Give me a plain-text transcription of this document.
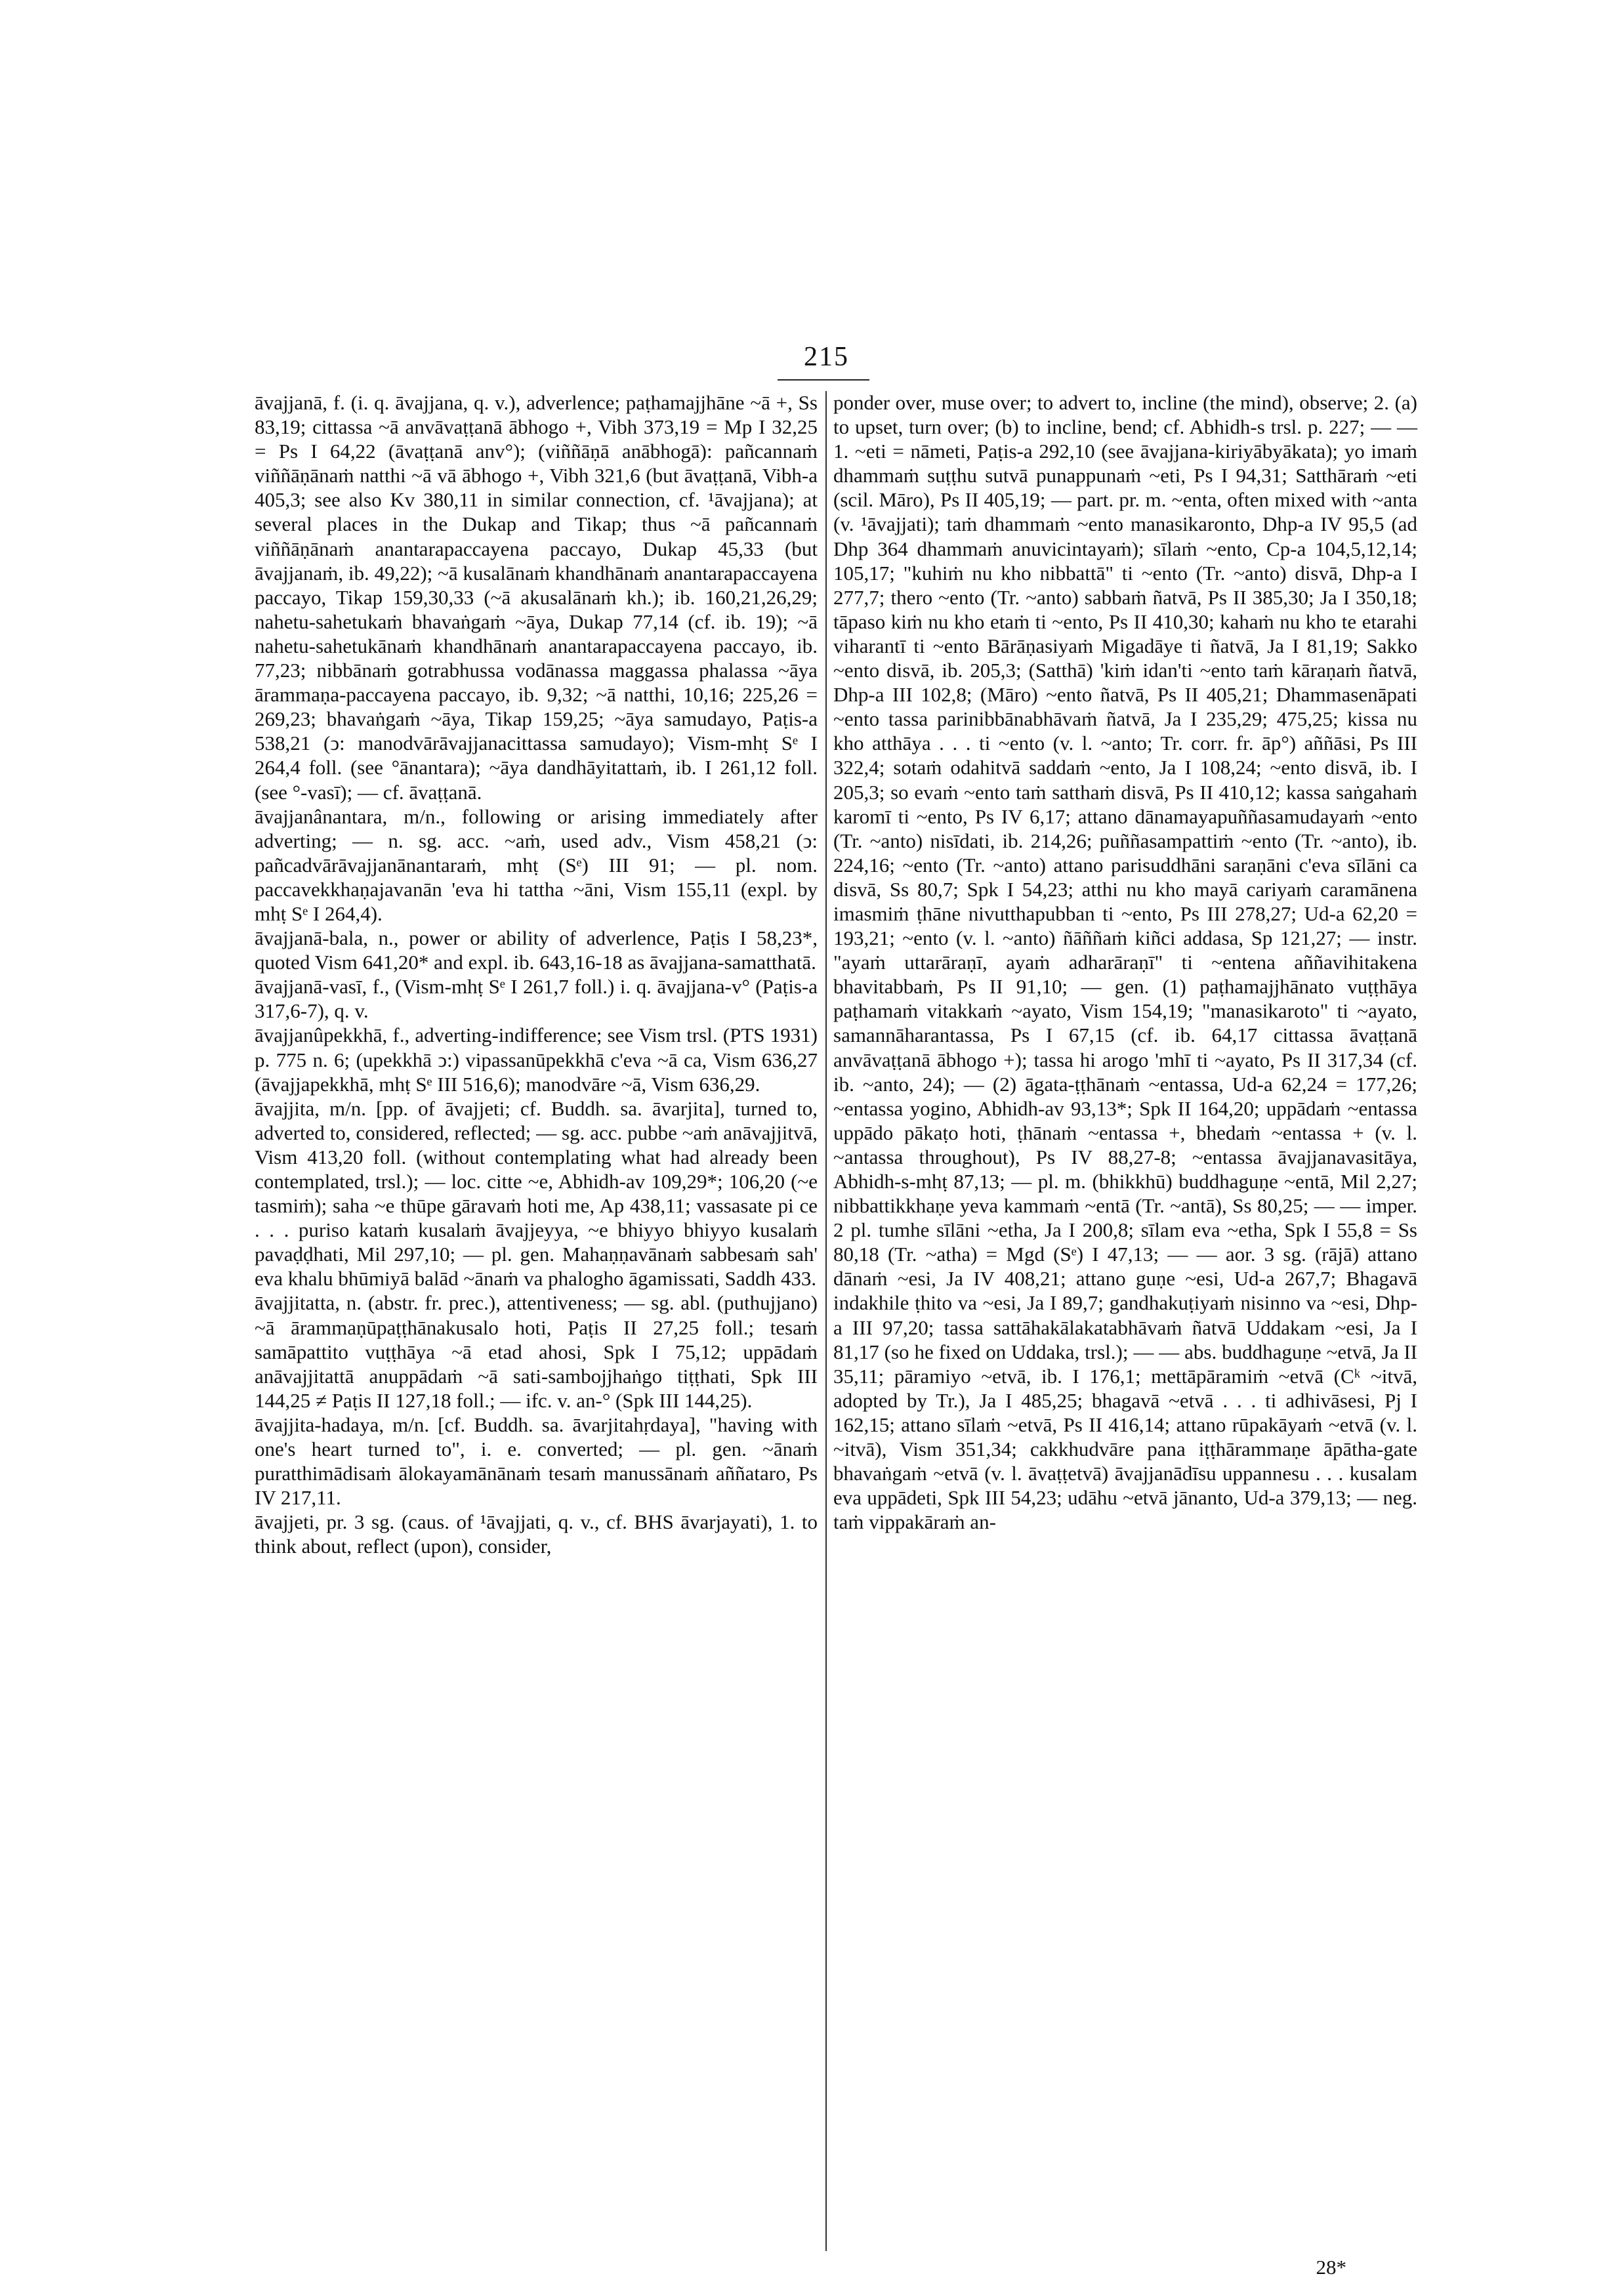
215

āvajjanā, f. (i. q. āvajjana, q. v.), adverlence; paṭhamajjhāne ~ā +, Ss 83,19; cittassa ~ā anvāvaṭṭanā ābhogo +, Vibh 373,19 = Mp I 32,25 = Ps I 64,22 (āvaṭṭanā anv°); (viññāṇā anābhogā): pañcannaṁ viññāṇānaṁ natthi ~ā vā ābhogo +, Vibh 321,6 (but āvaṭṭanā, Vibh-a 405,3; see also Kv 380,11 in similar connection, cf. ¹āvajjana); at several places in the Dukap and Tikap; thus ~ā pañcannaṁ viññāṇānaṁ anantarapaccayena paccayo, Dukap 45,33 (but āvajjanaṁ, ib. 49,22); ~ā kusalānaṁ khandhānaṁ anantarapaccayena paccayo, Tikap 159,30,33 (~ā akusalānaṁ kh.); ib. 160,21,26,29; nahetu-sahetukaṁ bhavaṅgaṁ ~āya, Dukap 77,14 (cf. ib. 19); ~ā nahetu-sahetukānaṁ khandhānaṁ anantarapaccayena paccayo, ib. 77,23; nibbānaṁ gotrabhussa vodānassa maggassa phalassa ~āya ārammaṇa-paccayena paccayo, ib. 9,32; ~ā natthi, 10,16; 225,26 = 269,23; bhavaṅgaṁ ~āya, Tikap 159,25; ~āya samudayo, Paṭis-a 538,21 (ↄ: manodvārāvajjanacittassa samudayo); Vism-mhṭ Sᵉ I 264,4 foll. (see °ānantara); ~āya dandhāyitattaṁ, ib. I 261,12 foll. (see °-vasī); — cf. āvaṭṭanā.

āvajjanânantara, m/n., following or arising immediately after adverting; — n. sg. acc. ~aṁ, used adv., Vism 458,21 (ↄ: pañcadvārāvajjanānantaraṁ, mhṭ (Sᵉ) III 91; — pl. nom. paccavekkhaṇajavanān 'eva hi tattha ~āni, Vism 155,11 (expl. by mhṭ Sᵉ I 264,4).

āvajjanā-bala, n., power or ability of adverlence, Paṭis I 58,23*, quoted Vism 641,20* and expl. ib. 643,16-18 as āvajjana-samatthatā.

āvajjanā-vasī, f., (Vism-mhṭ Sᵉ I 261,7 foll.) i. q. āvajjana-v° (Paṭis-a 317,6-7), q. v.

āvajjanûpekkhā, f., adverting-indifference; see Vism trsl. (PTS 1931) p. 775 n. 6; (upekkhā ↄ:) vipassanūpekkhā c'eva ~ā ca, Vism 636,27 (āvajjapekkhā, mhṭ Sᵉ III 516,6); manodvāre ~ā, Vism 636,29.

āvajjita, m/n. [pp. of āvajjeti; cf. Buddh. sa. āvarjita], turned to, adverted to, considered, reflected; — sg. acc. pubbe ~aṁ anāvajjitvā, Vism 413,20 foll. (without contemplating what had already been contemplated, trsl.); — loc. citte ~e, Abhidh-av 109,29*; 106,20 (~e tasmiṁ); saha ~e thūpe gāravaṁ hoti me, Ap 438,11; vassasate pi ce . . . puriso kataṁ kusalaṁ āvajjeyya, ~e bhiyyo bhiyyo kusalaṁ pavaḍḍhati, Mil 297,10; — pl. gen. Mahaṇṇavānaṁ sabbesaṁ sah' eva khalu bhūmiyā balād ~ānaṁ va phalogho āgamissati, Saddh 433.

āvajjitatta, n. (abstr. fr. prec.), attentiveness; — sg. abl. (puthujjano) ~ā ārammaṇūpaṭṭhānakusalo hoti, Paṭis II 27,25 foll.; tesaṁ samāpattito vuṭṭhāya ~ā etad ahosi, Spk I 75,12; uppādaṁ anāvajjitattā anuppādaṁ ~ā sati-sambojjhaṅgo tiṭṭhati, Spk III 144,25 ≠ Paṭis II 127,18 foll.; — ifc. v. an-° (Spk III 144,25).

āvajjita-hadaya, m/n. [cf. Buddh. sa. āvarjitahṛdaya], "having with one's heart turned to", i. e. converted; — pl. gen. ~ānaṁ puratthimādisaṁ ālokayamānānaṁ tesaṁ manussānaṁ aññataro, Ps IV 217,11.

āvajjeti, pr. 3 sg. (caus. of ¹āvajjati, q. v., cf. BHS āvarjayati), 1. to think about, reflect (upon), consider,

ponder over, muse over; to advert to, incline (the mind), observe; 2. (a) to upset, turn over; (b) to incline, bend; cf. Abhidh-s trsl. p. 227; — — 1. ~eti = nāmeti, Paṭis-a 292,10 (see āvajjana-kiriyābyākata); yo imaṁ dhammaṁ suṭṭhu sutvā punappunaṁ ~eti, Ps I 94,31; Satthāraṁ ~eti (scil. Māro), Ps II 405,19; — part. pr. m. ~enta, often mixed with ~anta (v. ¹āvajjati); taṁ dhammaṁ ~ento manasikaronto, Dhp-a IV 95,5 (ad Dhp 364 dhammaṁ anuvicintayaṁ); sīlaṁ ~ento, Cp-a 104,5,12,14; 105,17; "kuhiṁ nu kho nibbattā" ti ~ento (Tr. ~anto) disvā, Dhp-a I 277,7; thero ~ento (Tr. ~anto) sabbaṁ ñatvā, Ps II 385,30; Ja I 350,18; tāpaso kiṁ nu kho etaṁ ti ~ento, Ps II 410,30; kahaṁ nu kho te etarahi viharantī ti ~ento Bārāṇasiyaṁ Migadāye ti ñatvā, Ja I 81,19; Sakko ~ento disvā, ib. 205,3; (Satthā) 'kiṁ idan'ti ~ento taṁ kāraṇaṁ ñatvā, Dhp-a III 102,8; (Māro) ~ento ñatvā, Ps II 405,21; Dhammasenāpati ~ento tassa parinibbānabhāvaṁ ñatvā, Ja I 235,29; 475,25; kissa nu kho atthāya . . . ti ~ento (v. l. ~anto; Tr. corr. fr. āp°) aññāsi, Ps III 322,4; sotaṁ odahitvā saddaṁ ~ento, Ja I 108,24; ~ento disvā, ib. I 205,3; so evaṁ ~ento taṁ satthaṁ disvā, Ps II 410,12; kassa saṅgahaṁ karomī ti ~ento, Ps IV 6,17; attano dānamayapuññasamudayaṁ ~ento (Tr. ~anto) nisīdati, ib. 214,26; puññasampattiṁ ~ento (Tr. ~anto), ib. 224,16; ~ento (Tr. ~anto) attano parisuddhāni saraṇāni c'eva sīlāni ca disvā, Ss 80,7; Spk I 54,23; atthi nu kho mayā cariyaṁ caramānena imasmiṁ ṭhāne nivutthapubban ti ~ento, Ps III 278,27; Ud-a 62,20 = 193,21; ~ento (v. l. ~anto) ñāññaṁ kiñci addasa, Sp 121,27; — instr. "ayaṁ uttarāraṇī, ayaṁ adharāraṇī" ti ~entena aññavihitakena bhavitabbaṁ, Ps II 91,10; — gen. (1) paṭhamajjhānato vuṭṭhāya paṭhamaṁ vitakkaṁ ~ayato, Vism 154,19; "manasikaroto" ti ~ayato, samannāharantassa, Ps I 67,15 (cf. ib. 64,17 cittassa āvaṭṭanā anvāvaṭṭanā ābhogo +); tassa hi arogo 'mhī ti ~ayato, Ps II 317,34 (cf. ib. ~anto, 24); — (2) āgata-ṭṭhānaṁ ~entassa, Ud-a 62,24 = 177,26; ~entassa yogino, Abhidh-av 93,13*; Spk II 164,20; uppādaṁ ~entassa uppādo pākaṭo hoti, ṭhānaṁ ~entassa +, bhedaṁ ~entassa + (v. l. ~antassa throughout), Ps IV 88,27-8; ~entassa āvajjanavasitāya, Abhidh-s-mhṭ 87,13; — pl. m. (bhikkhū) buddhaguṇe ~entā, Mil 2,27; nibbattikkhaṇe yeva kammaṁ ~entā (Tr. ~antā), Ss 80,25; — — imper. 2 pl. tumhe sīlāni ~etha, Ja I 200,8; sīlam eva ~etha, Spk I 55,8 = Ss 80,18 (Tr. ~atha) = Mgd (Sᵉ) I 47,13; — — aor. 3 sg. (rājā) attano dānaṁ ~esi, Ja IV 408,21; attano guṇe ~esi, Ud-a 267,7; Bhagavā indakhile ṭhito va ~esi, Ja I 89,7; gandhakuṭiyaṁ nisinno va ~esi, Dhp-a III 97,20; tassa sattāhakālakatabhāvaṁ ñatvā Uddakam ~esi, Ja I 81,17 (so he fixed on Uddaka, trsl.); — — abs. buddhaguṇe ~etvā, Ja II 35,11; pāramiyo ~etvā, ib. I 176,1; mettāpāramiṁ ~etvā (Cᵏ ~itvā, adopted by Tr.), Ja I 485,25; bhagavā ~etvā . . . ti adhivāsesi, Pj I 162,15; attano sīlaṁ ~etvā, Ps II 416,14; attano rūpakāyaṁ ~etvā (v. l. ~itvā), Vism 351,34; cakkhudvāre pana iṭṭhārammaṇe āpātha-gate bhavaṅgaṁ ~etvā (v. l. āvaṭṭetvā) āvajjanādīsu uppannesu . . . kusalam eva uppādeti, Spk III 54,23; udāhu ~etvā jānanto, Ud-a 379,13; — neg. taṁ vippakāraṁ an-

28*
